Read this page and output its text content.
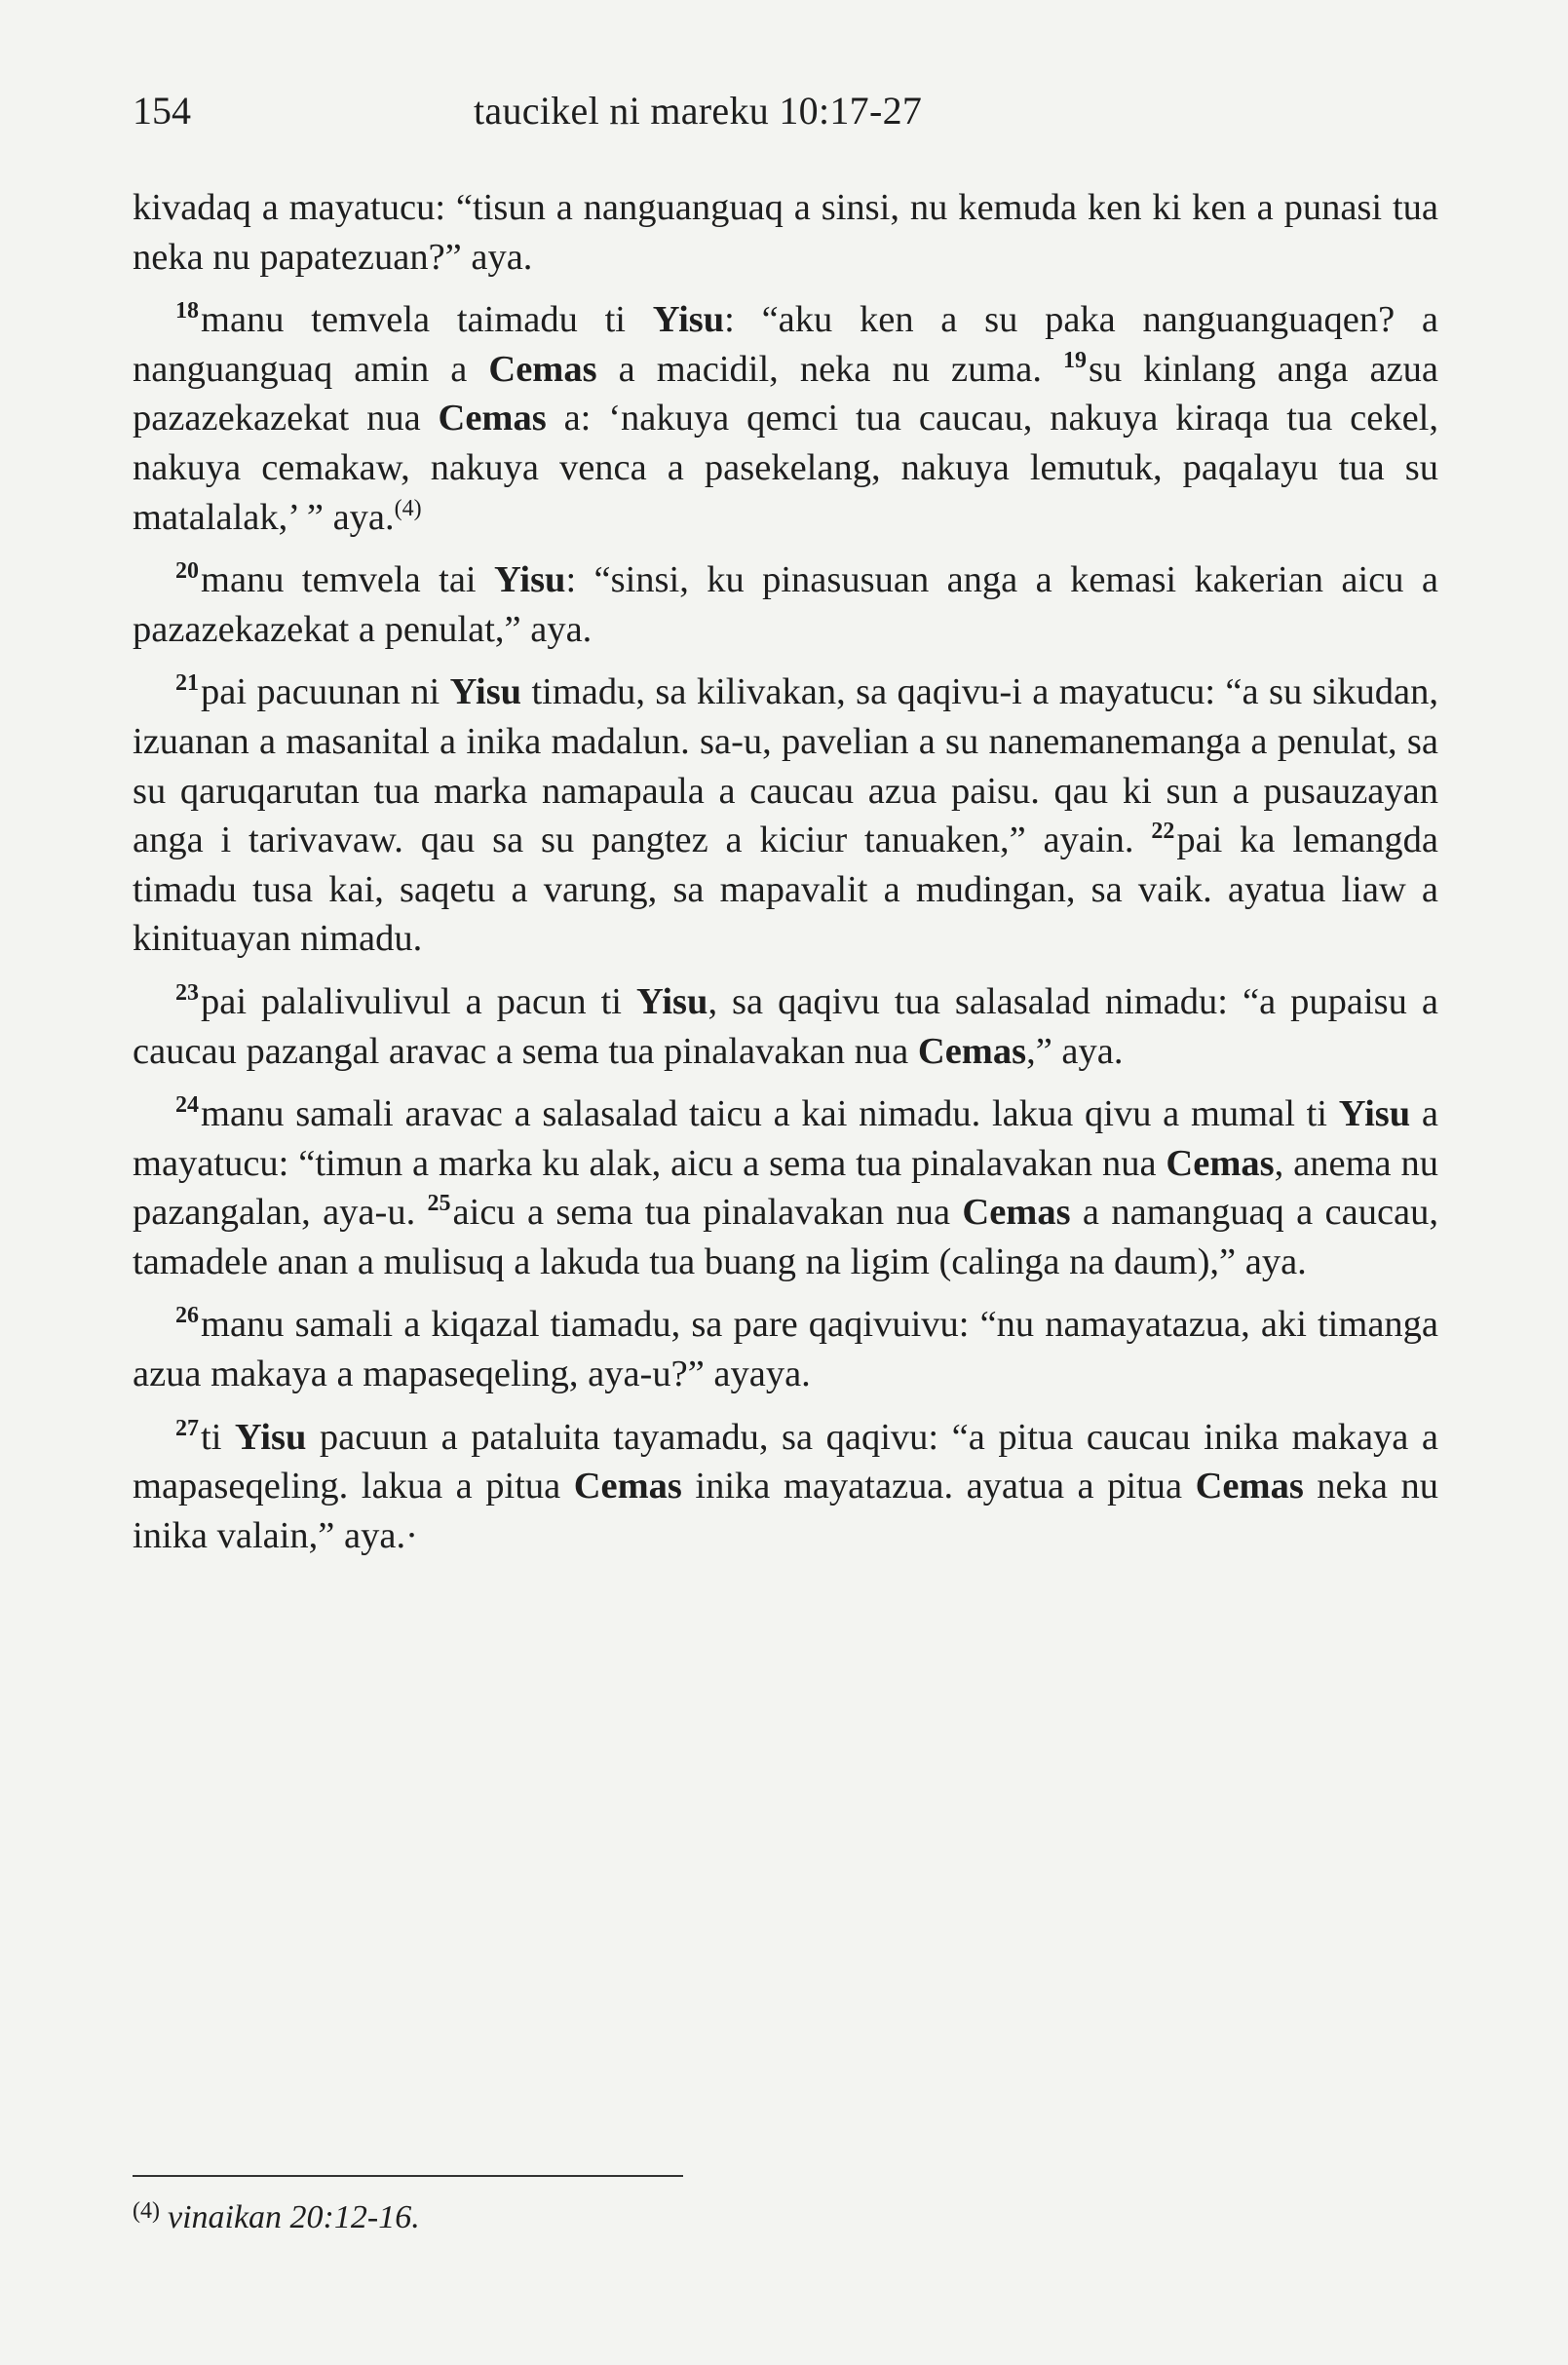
154	taucikel ni mareku 10:17-27

kivadaq a mayatucu: “tisun a nanguanguaq a sinsi, nu kemuda ken ki ken a punasi tua neka nu papatezuan?” aya.

$^{18}$manu temvela taimadu ti Yisu: “aku ken a su paka nanguanguaqen? a nanguanguaq amin a Cemas a macidil, neka nu zuma. $^{19}$su kinlang anga azua pazazekazekat nua Cemas a: ‘nakuya qemci tua caucau, nakuya kiraqa tua cekel, nakuya cemakaw, nakuya venca a pasekelang, nakuya lemutuk, paqalayu tua su matalalak,’ ” aya.$^{(4)}$

$^{20}$manu temvela tai Yisu: “sinsi, ku pinasusuan anga a kemasi kakerian aicu a pazazekazekat a penulat,” aya.

$^{21}$pai pacuunan ni Yisu timadu, sa kilivakan, sa qaqivu-i a mayatucu: “a su sikudan, izuanan a masanital a inika madalun. sa-u, pavelian a su nanemanemanga a penulat, sa su qaruqarutan tua marka namapaula a caucau azua paisu. qau ki sun a pusauzayan anga i tarivavaw. qau sa su pangtez a kiciur tanuaken,” ayain. $^{22}$pai ka lemangda timadu tusa kai, saqetu a varung, sa mapavalit a mudingan, sa vaik. ayatua liaw a kinituayan nimadu.

$^{23}$pai palalivulivul a pacun ti Yisu, sa qaqivu tua salasalad nimadu: “a pupaisu a caucau pazangal aravac a sema tua pinalavakan nua Cemas,” aya.

$^{24}$manu samali aravac a salasalad taicu a kai nimadu. lakua qivu a mumal ti Yisu a mayatucu: “timun a marka ku alak, aicu a sema tua pinalavakan nua Cemas, anema nu pazangalan, aya-u. $^{25}$aicu a sema tua pinalavakan nua Cemas a namanguaq a caucau, tamadele anan a mulisuq a lakuda tua buang na ligim (calinga na daum),” aya.

$^{26}$manu samali a kiqazal tiamadu, sa pare qaqivuivu: “nu namayatazua, aki timanga azua makaya a mapaseqeling, aya-u?” ayaya.

$^{27}$ti Yisu pacuun a pataluita tayamadu, sa qaqivu: “a pitua caucau inika makaya a mapaseqeling. lakua a pitua Cemas inika mayatazua. ayatua a pitua Cemas neka nu inika valain,” aya.·

$^{(4)}$ vinaikan 20:12-16.
